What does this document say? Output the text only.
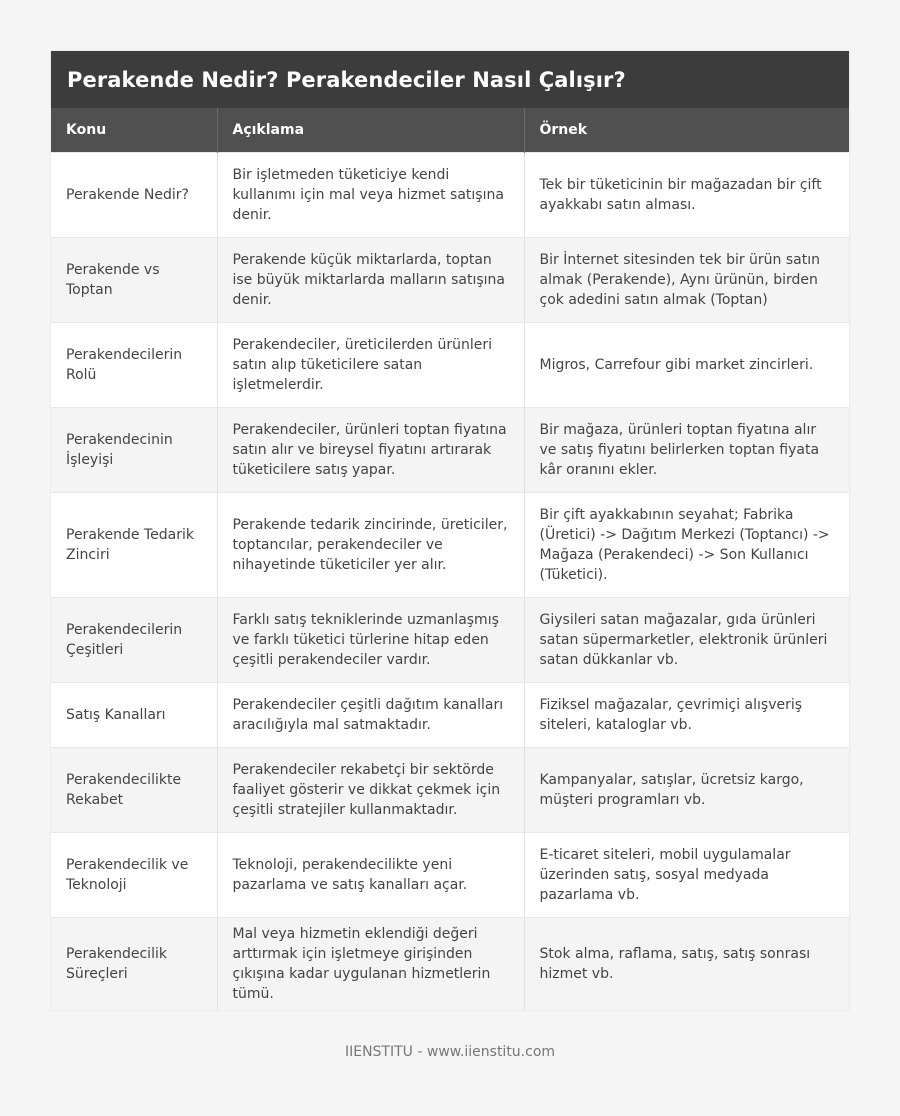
Perakende Nedir? Perakendeciler Nasıl Çalışır?
Konu	Açıklama	Örnek
Perakende Nedir?	Bir işletmeden tüketiciye kendi kullanımı için mal veya hizmet satışına denir.	Tek bir tüketicinin bir mağazadan bir çift ayakkabı satın alması.
Perakende vs Toptan	Perakende küçük miktarlarda, toptan ise büyük miktarlarda malların satışına denir.	Bir İnternet sitesinden tek bir ürün satın almak (Perakende), Aynı ürünün, birden çok adedini satın almak (Toptan)
Perakendecilerin Rolü	Perakendeciler, üreticilerden ürünleri satın alıp tüketicilere satan işletmelerdir.	Migros, Carrefour gibi market zincirleri.
Perakendecinin İşleyişi	Perakendeciler, ürünleri toptan fiyatına satın alır ve bireysel fiyatını artırarak tüketicilere satış yapar.	Bir mağaza, ürünleri toptan fiyatına alır ve satış fiyatını belirlerken toptan fiyata kâr oranını ekler.
Perakende Tedarik Zinciri	Perakende tedarik zincirinde, üreticiler, toptancılar, perakendeciler ve nihayetinde tüketiciler yer alır.	Bir çift ayakkabının seyahat; Fabrika (Üretici) -> Dağıtım Merkezi (Toptancı) -> Mağaza (Perakendeci) -> Son Kullanıcı (Tüketici).
Perakendecilerin Çeşitleri	Farklı satış tekniklerinde uzmanlaşmış ve farklı tüketici türlerine hitap eden çeşitli perakendeciler vardır.	Giysileri satan mağazalar, gıda ürünleri satan süpermarketler, elektronik ürünleri satan dükkanlar vb.
Satış Kanalları	Perakendeciler çeşitli dağıtım kanalları aracılığıyla mal satmaktadır.	Fiziksel mağazalar, çevrimiçi alışveriş siteleri, kataloglar vb.
Perakendecilikte Rekabet	Perakendeciler rekabetçi bir sektörde faaliyet gösterir ve dikkat çekmek için çeşitli stratejiler kullanmaktadır.	Kampanyalar, satışlar, ücretsiz kargo, müşteri programları vb.
Perakendecilik ve Teknoloji	Teknoloji, perakendecilikte yeni pazarlama ve satış kanalları açar.	E-ticaret siteleri, mobil uygulamalar üzerinden satış, sosyal medyada pazarlama vb.
Perakendecilik Süreçleri	Mal veya hizmetin eklendiği değeri arttırmak için işletmeye girişinden çıkışına kadar uygulanan hizmetlerin tümü.	Stok alma, raflama, satış, satış sonrası hizmet vb.
IIENSTITU - www.iienstitu.com
